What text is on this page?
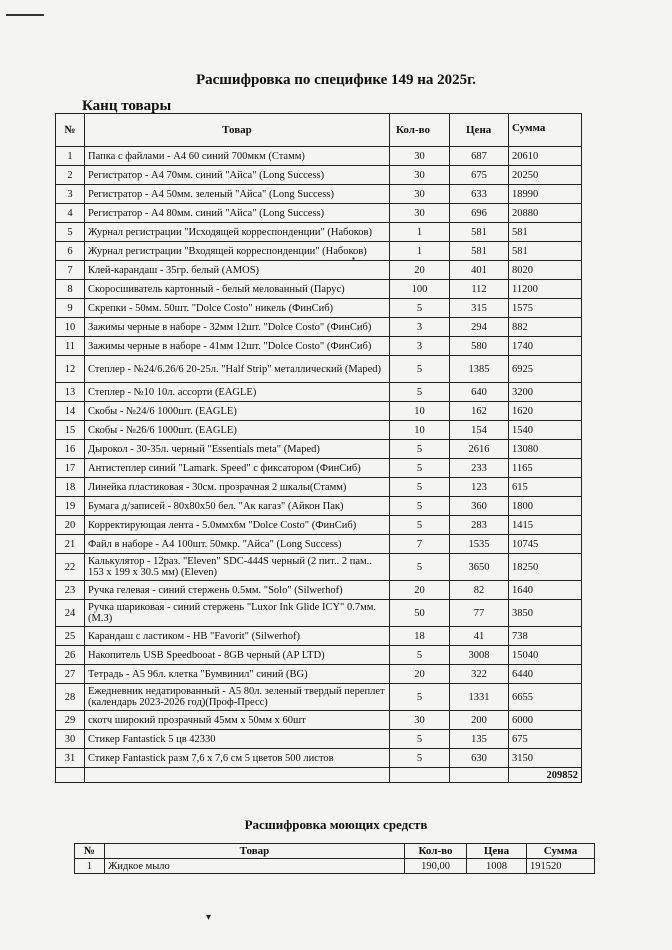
Расшифровка по специфике 149 на 2025г.
Канц товары
№	Товар	Кол-во	Цена	Сумма
1	Папка с файлами - А4 60 синий 700мкм (Стамм)	30	687	20610
2	Регистратор - А4 70мм. синий "Айса" (Long Success)	30	675	20250
3	Регистратор - А4 50мм. зеленый "Айса" (Long Success)	30	633	18990
4	Регистратор - А4 80мм. синий "Айса" (Long Success)	30	696	20880
5	Журнал регистрации "Исходящей корреспонденции" (Набоков)	1	581	581
6	Журнал регистрации "Входящей корреспонденции" (Набоков)	1	581	581
7	Клей-карандаш - 35гр. белый (AMOS)	20	401	8020
8	Скоросшиватель картонный - белый мелованный (Парус)	100	112	11200
9	Скрепки - 50мм. 50шт. "Dolce Costo" никель (ФинСиб)	5	315	1575
10	Зажимы черные в наборе - 32мм 12шт. "Dolce Costo" (ФинСиб)	3	294	882
11	Зажимы черные в наборе - 41мм 12шт. "Dolce Costo" (ФинСиб)	3	580	1740
12	Степлер - №24/6.26/6 20-25л. "Half Strip" металлический (Maped)	5	1385	6925
13	Степлер - №10 10л. ассорти (EAGLE)	5	640	3200
14	Скобы - №24/6 1000шт. (EAGLE)	10	162	1620
15	Скобы - №26/6 1000шт. (EAGLE)	10	154	1540
16	Дырокол - 30-35л. черный "Essentials meta" (Maped)	5	2616	13080
17	Антистеплер синий "Lamark. Speed" с фиксатором (ФинСиб)	5	233	1165
18	Линейка пластиковая - 30см. прозрачная 2 шкалы(Стамм)	5	123	615
19	Бумага д/записей - 80х80х50 бел. "Ак кагаз" (Айкон Пак)	5	360	1800
20	Корректирующая лента - 5.0ммх6м "Dolce Costo" (ФинСиб)	5	283	1415
21	Файл в наборе - А4 100шт. 50мкр. "Айса" (Long Success)	7	1535	10745
22	Калькулятор - 12раз. "Eleven" SDC-444S черный (2 пит.. 2 пам.. 153 х 199 х 30.5 мм) (Eleven)	5	3650	18250
23	Ручка гелевая - синий стержень 0.5мм. "Solo" (Silwerhof)	20	82	1640
24	Ручка шариковая - синий стержень "Luxor Ink Glide ICY" 0.7мм. (М.З)	50	77	3850
25	Карандаш с ластиком - НВ "Favorit" (Silwerhof)	18	41	738
26	Накопитель USB Speedbooat - 8GB черный (AP LTD)	5	3008	15040
27	Тетрадь - А5 96л. клетка "Бумвинил" синий (BG)	20	322	6440
28	Ежедневник недатированный - А5 80л. зеленый твердый переплет (календарь 2023-2026 год)(Проф-Пресс)	5	1331	6655
29	скотч широкий прозрачный 45мм х 50мм х 60шт	30	200	6000
30	Стикер Fantastick 5 цв 42330	5	135	675
31	Стикер Fantastick разм 7,6 х 7,6 см 5 цветов 500 листов	5	630	3150
				209852
Расшифровка моющих средств
№	Товар	Кол-во	Цена	Сумма
1	Жидкое мыло	190,00	1008	191520
▾
▪
